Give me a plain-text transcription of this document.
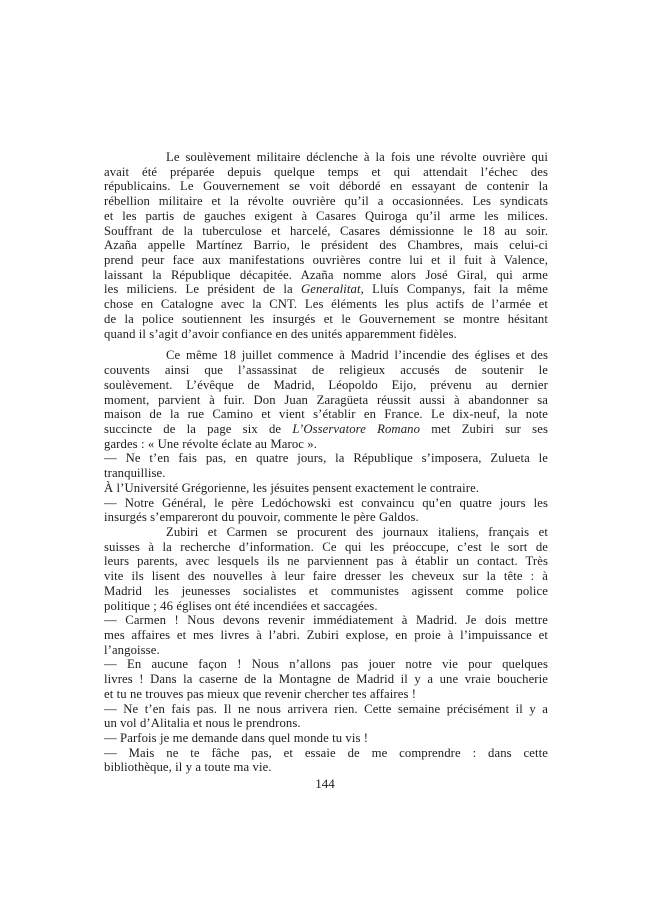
Le soulèvement militaire déclenche à la fois une révolte ouvrière qui
avait été préparée depuis quelque temps et qui attendait l’échec des
républicains. Le Gouvernement se voit débordé en essayant de contenir la
rébellion militaire et la révolte ouvrière qu’il a occasionnées. Les syndicats
et les partis de gauches exigent à Casares Quiroga qu’il arme les milices.
Souffrant de la tuberculose et harcelé, Casares démissionne le 18 au soir.
Azaña appelle Martínez Barrio, le président des Chambres, mais celui-ci
prend peur face aux manifestations ouvrières contre lui et il fuit à Valence,
laissant la République décapitée. Azaña nomme alors José Giral, qui arme
les miliciens. Le président de la Generalitat, Lluís Companys, fait la même
chose en Catalogne avec la CNT. Les éléments les plus actifs de l’armée et
de la police soutiennent les insurgés et le Gouvernement se montre hésitant
quand il s’agit d’avoir confiance en des unités apparemment fidèles.
Ce même 18 juillet commence à Madrid l’incendie des églises et des
couvents ainsi que l’assassinat de religieux accusés de soutenir le
soulèvement. L’évêque de Madrid, Léopoldo Eijo, prévenu au dernier
moment, parvient à fuir. Don Juan Zaragüeta réussit aussi à abandonner sa
maison de la rue Camino et vient s’établir en France. Le dix-neuf, la note
succincte de la page six de L’Osservatore Romano met Zubiri sur ses
gardes : « Une révolte éclate au Maroc ».
— Ne t’en fais pas, en quatre jours, la République s’imposera, Zulueta le
tranquillise.
À l’Université Grégorienne, les jésuites pensent exactement le contraire.
— Notre Général, le père Ledóchowski est convaincu qu’en quatre jours les
insurgés s’empareront du pouvoir, commente le père Galdos.
Zubiri et Carmen se procurent des journaux italiens, français et
suisses à la recherche d’information. Ce qui les préoccupe, c’est le sort de
leurs parents, avec lesquels ils ne parviennent pas à établir un contact. Très
vite ils lisent des nouvelles à leur faire dresser les cheveux sur la tête : à
Madrid les jeunesses socialistes et communistes agissent comme police
politique ; 46 églises ont été incendiées et saccagées.
— Carmen ! Nous devons revenir immédiatement à Madrid. Je dois mettre
mes affaires et mes livres à l’abri. Zubiri explose, en proie à l’impuissance et
l’angoisse.
— En aucune façon ! Nous n’allons pas jouer notre vie pour quelques
livres ! Dans la caserne de la Montagne de Madrid il y a une vraie boucherie
et tu ne trouves pas mieux que revenir chercher tes affaires !
— Ne t’en fais pas. Il ne nous arrivera rien. Cette semaine précisément il y a
un vol d’Alitalia et nous le prendrons.
— Parfois je me demande dans quel monde tu vis !
— Mais ne te fâche pas, et essaie de me comprendre : dans cette
bibliothèque, il y a toute ma vie.
144
